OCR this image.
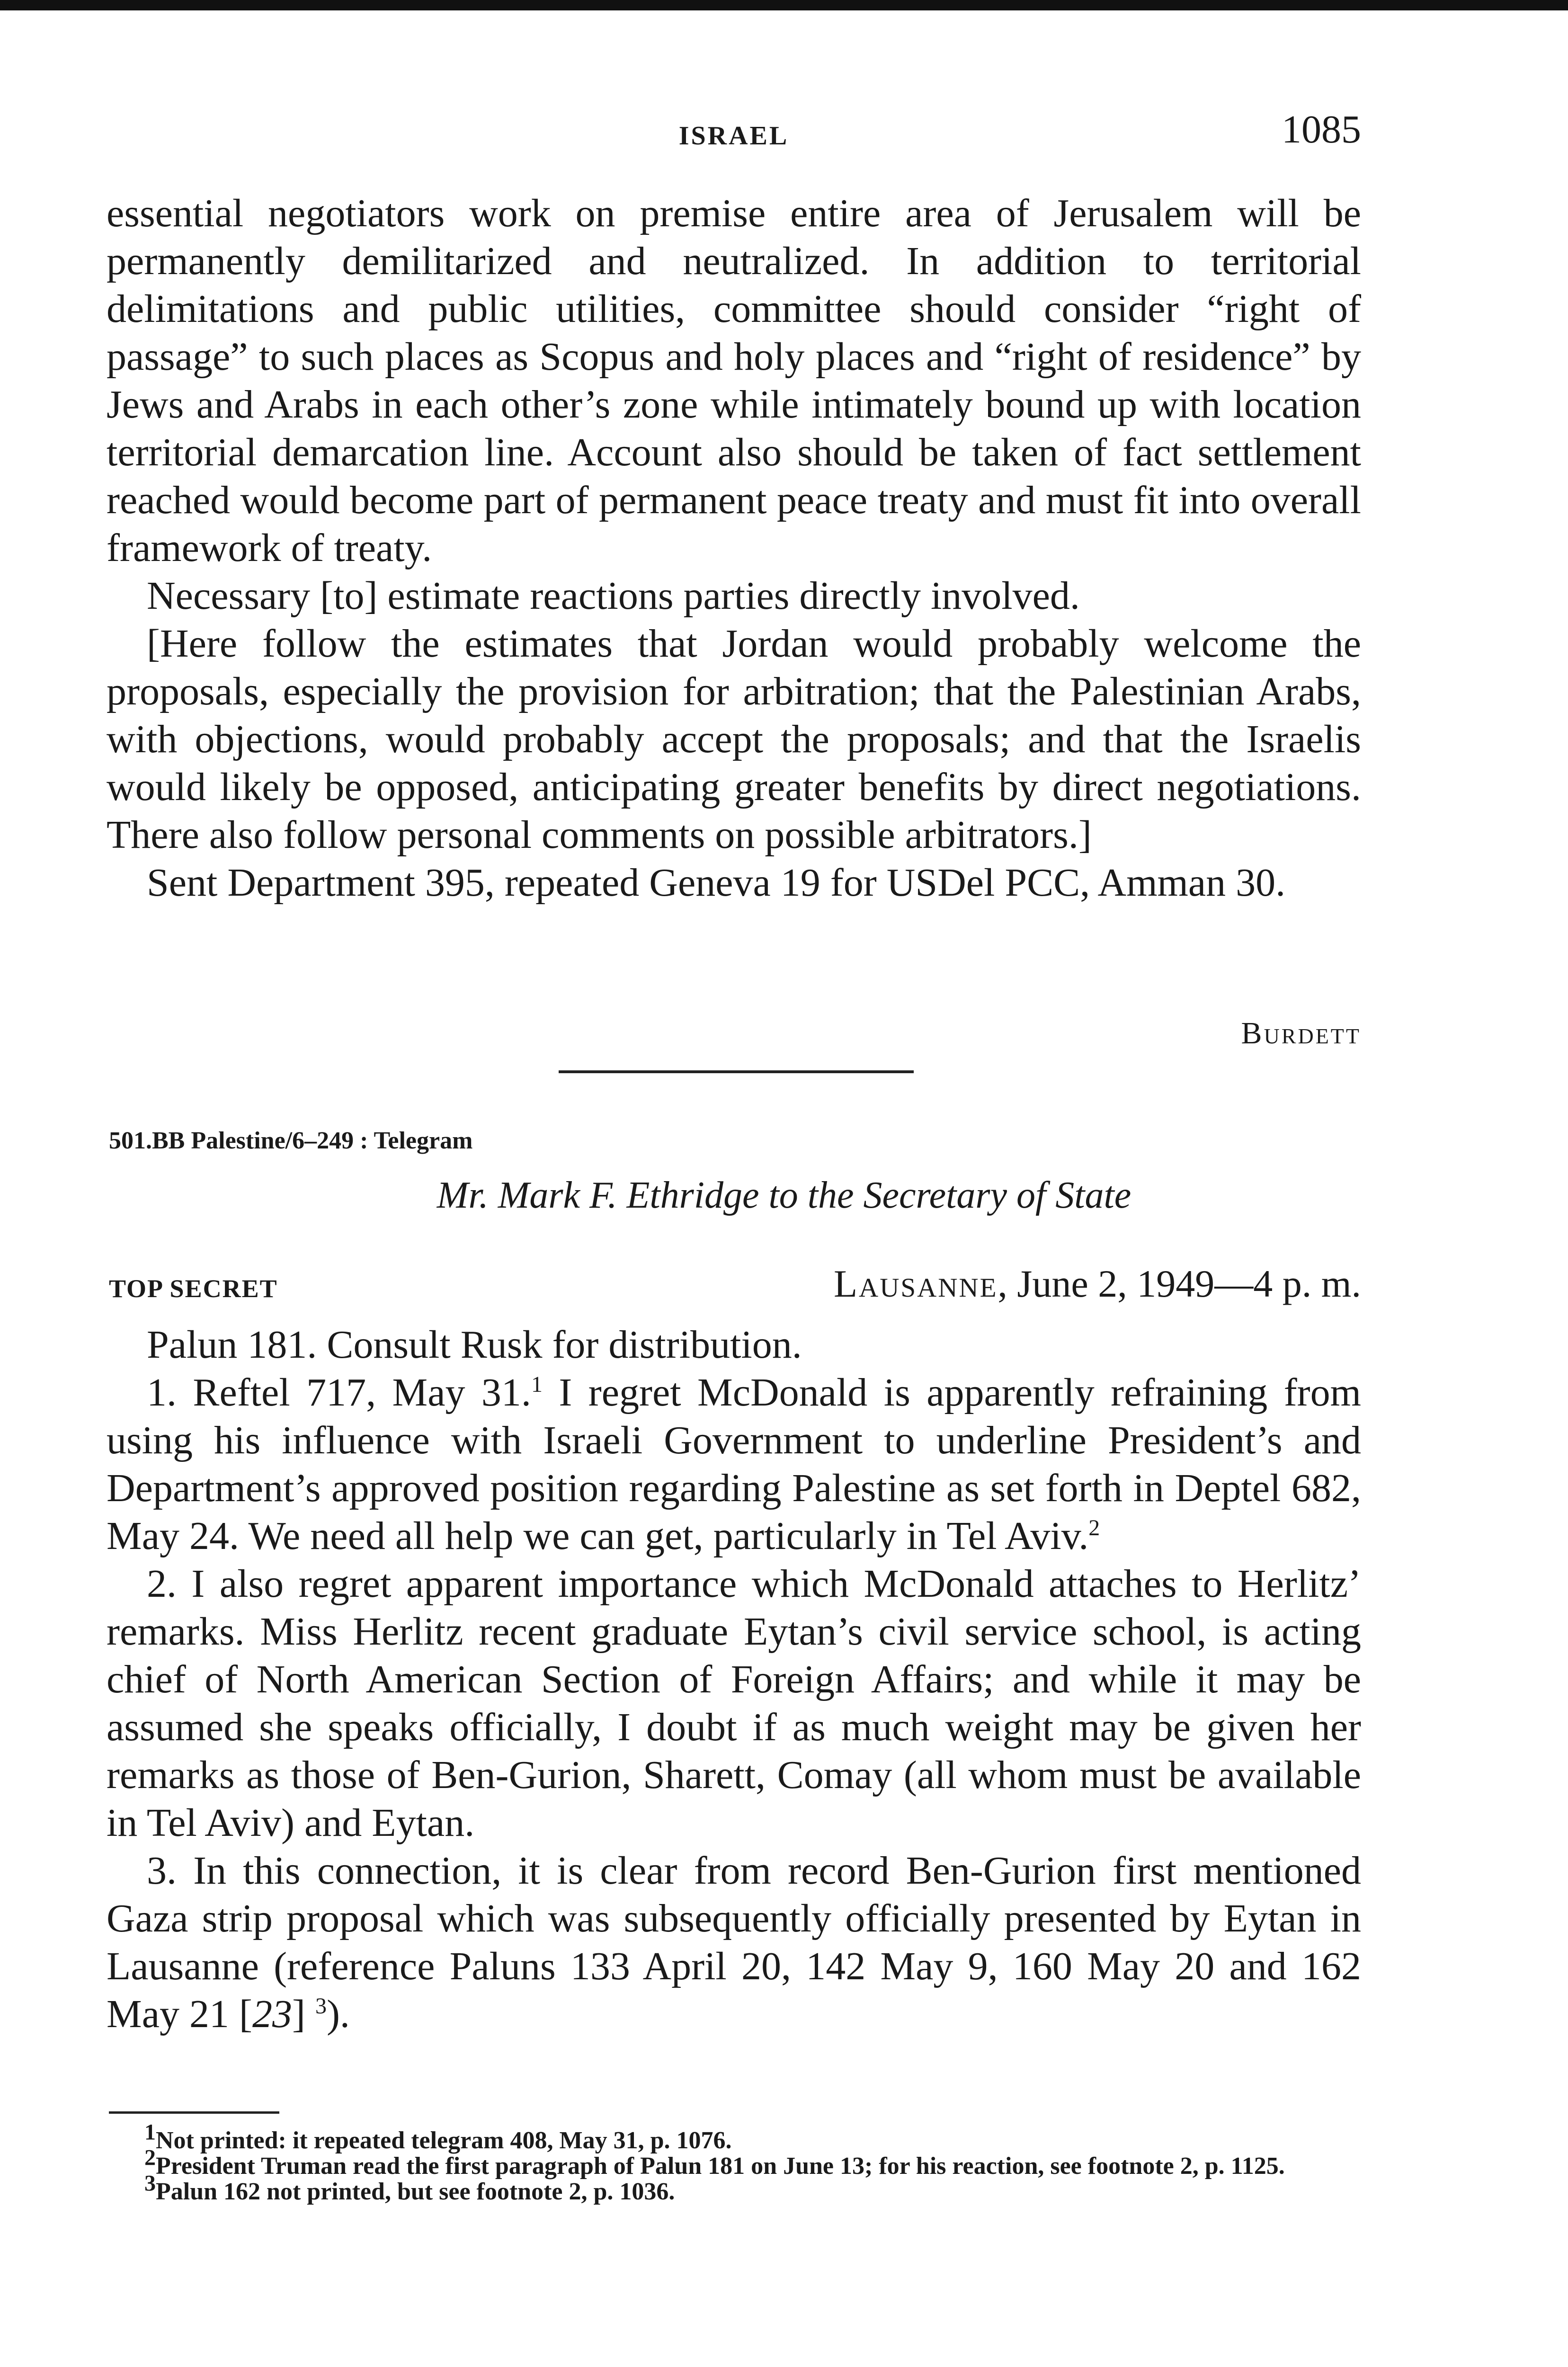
ISRAEL	1085

essential negotiators work on premise entire area of Jerusalem will be permanently demilitarized and neutralized. In addition to territorial delimitations and public utilities, committee should consider “right of passage” to such places as Scopus and holy places and “right of residence” by Jews and Arabs in each other’s zone while intimately bound up with location territorial demarcation line. Account also should be taken of fact settlement reached would become part of permanent peace treaty and must fit into overall framework of treaty.

Necessary [to] estimate reactions parties directly involved.

[Here follow the estimates that Jordan would probably welcome the proposals, especially the provision for arbitration; that the Palestinian Arabs, with objections, would probably accept the proposals; and that the Israelis would likely be opposed, anticipating greater benefits by direct negotiations. There also follow personal comments on possible arbitrators.]

Sent Department 395, repeated Geneva 19 for USDel PCC, Amman 30.

Burdett
501.BB Palestine/6–249 : Telegram
Mr. Mark F. Ethridge to the Secretary of State
TOP SECRET	Lausanne, June 2, 1949—4 p. m.

Palun 181. Consult Rusk for distribution.

1. Reftel 717, May 31.$^1$ I regret McDonald is apparently refraining from using his influence with Israeli Government to underline President’s and Department’s approved position regarding Palestine as set forth in Deptel 682, May 24. We need all help we can get, particularly in Tel Aviv.$^2$

2. I also regret apparent importance which McDonald attaches to Herlitz’ remarks. Miss Herlitz recent graduate Eytan’s civil service school, is acting chief of North American Section of Foreign Affairs; and while it may be assumed she speaks officially, I doubt if as much weight may be given her remarks as those of Ben-Gurion, Sharett, Comay (all whom must be available in Tel Aviv) and Eytan.

3. In this connection, it is clear from record Ben-Gurion first mentioned Gaza strip proposal which was subsequently officially presented by Eytan in Lausanne (reference Paluns 133 April 20, 142 May 9, 160 May 20 and 162 May 21 [23] $^3$).

$^1$Not printed: it repeated telegram 408, May 31, p. 1076.

$^2$President Truman read the first paragraph of Palun 181 on June 13; for his reaction, see footnote 2, p. 1125.

$^3$Palun 162 not printed, but see footnote 2, p. 1036.
